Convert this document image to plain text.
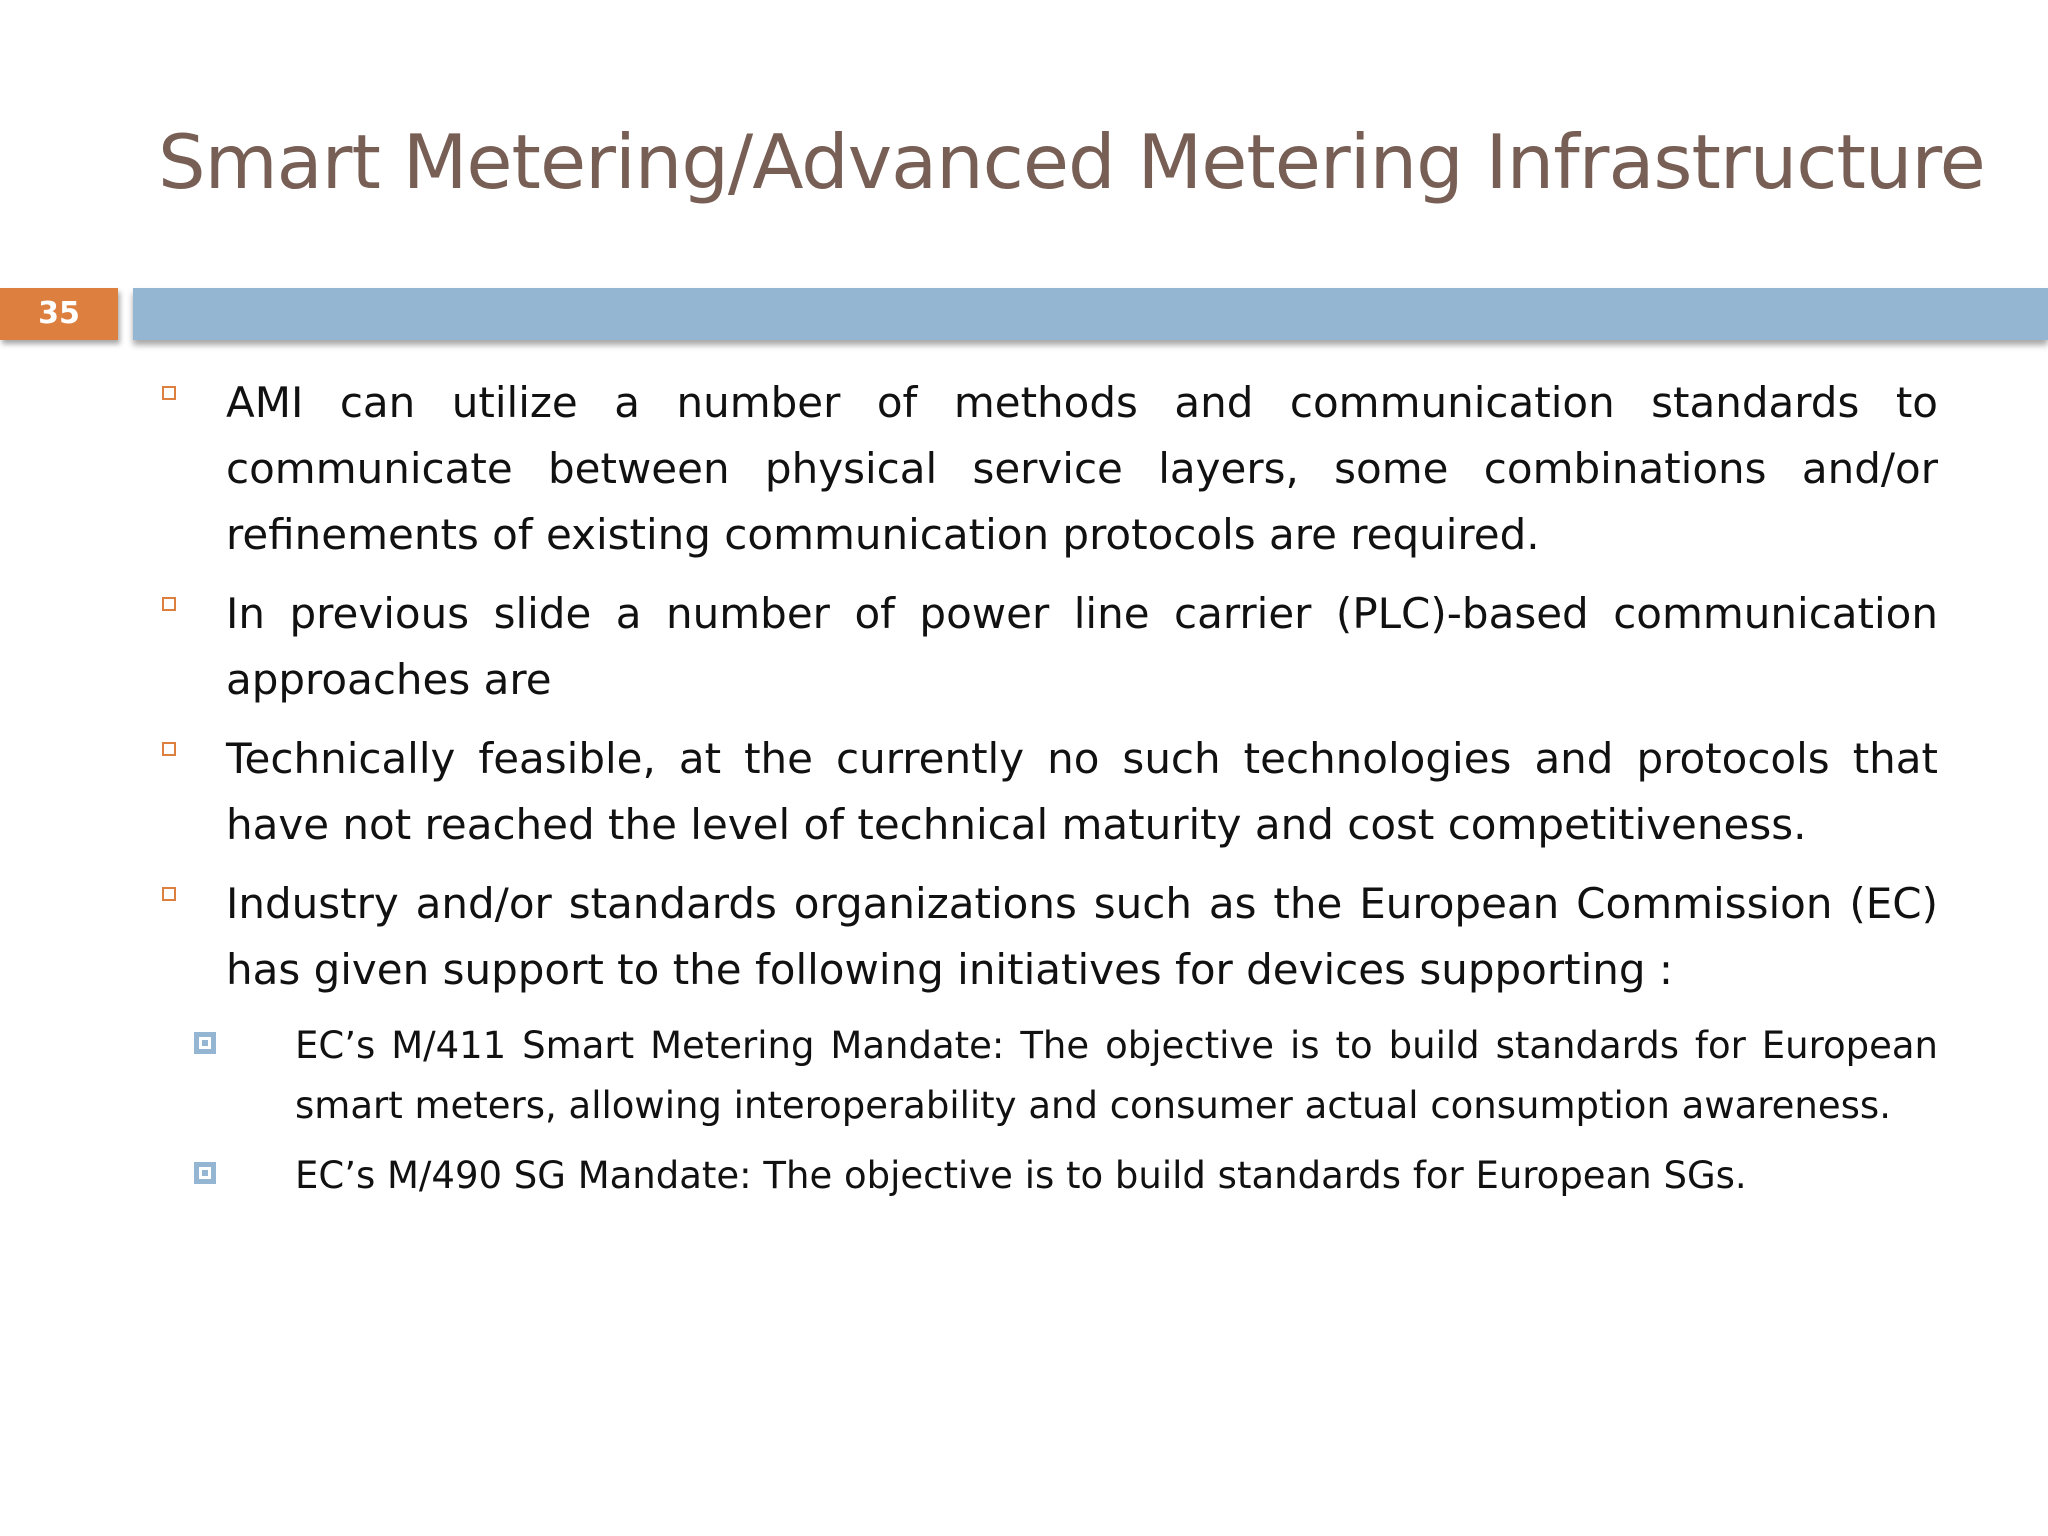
Smart Metering/Advanced Metering Infrastructure
35
AMI can utilize a number of methods and communication standards to communicate between physical service layers, some combinations and/or refinements of existing communication protocols are required.
In previous slide a number of power line carrier (PLC)-based communication approaches are
Technically feasible, at the currently no such technologies and protocols that have not reached the level of technical maturity and cost competitiveness.
Industry and/or standards organizations such as the European Commission (EC) has given support to the following initiatives for devices supporting :
EC’s M/411 Smart Metering Mandate: The objective is to build standards for European smart meters, allowing interoperability and consumer actual consumption awareness.
EC’s M/490 SG Mandate: The objective is to build standards for European SGs.
